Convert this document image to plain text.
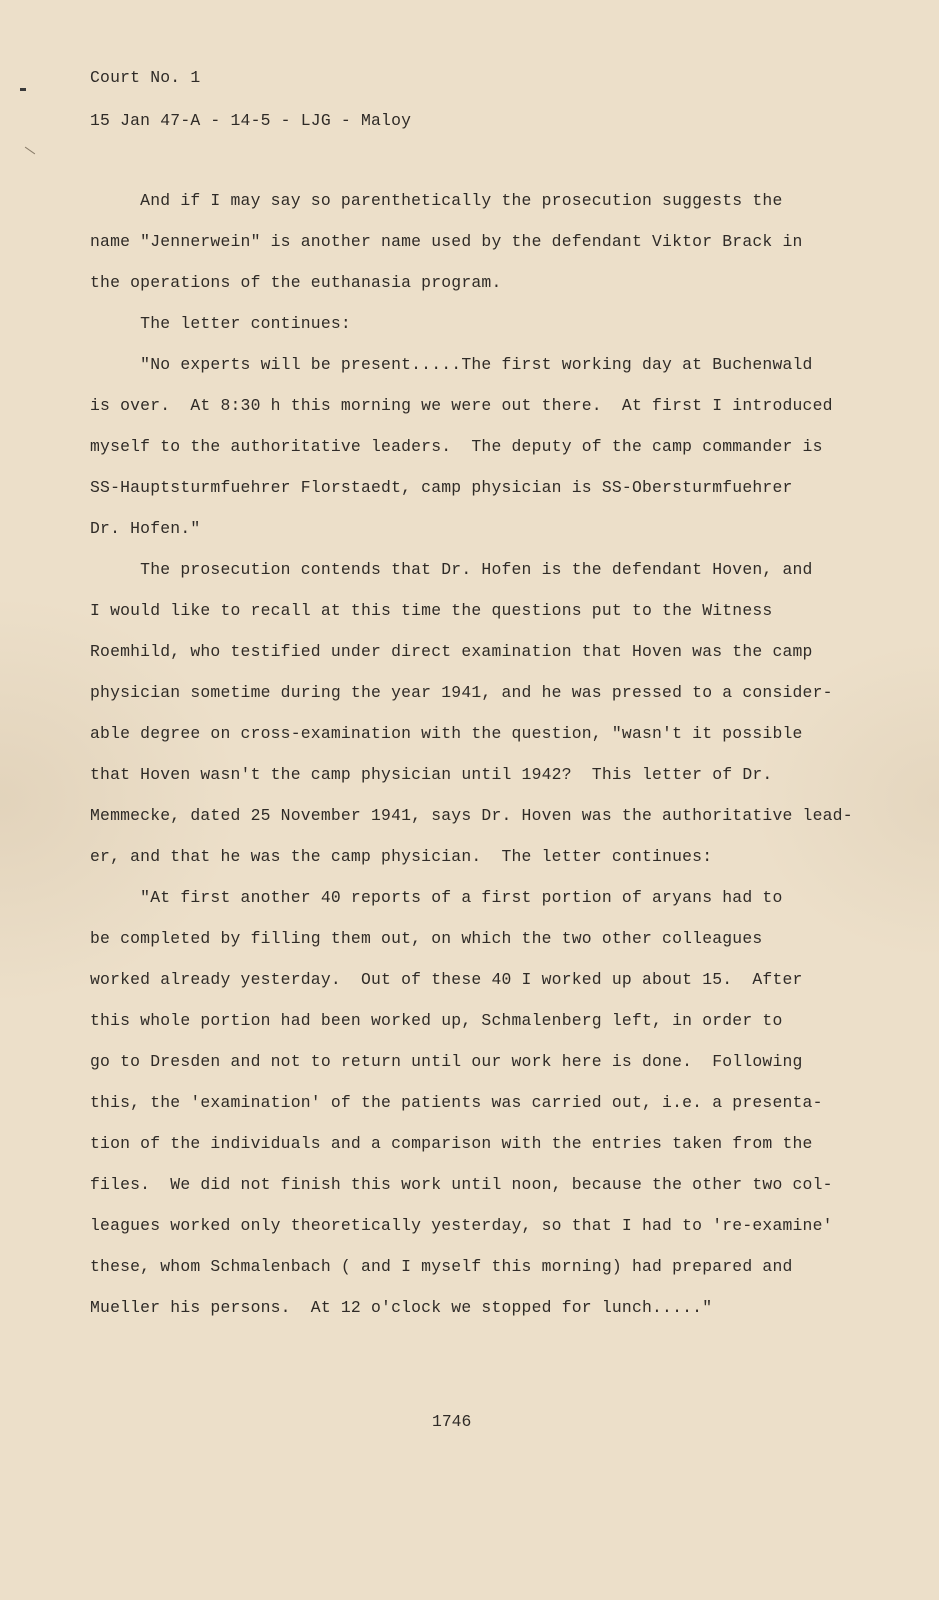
Court No. 1
15 Jan 47-A - 14-5 - LJG - Maloy
And if I may say so parenthetically the prosecution suggests the
name "Jennerwein" is another name used by the defendant Viktor Brack in
the operations of the euthanasia program.
The letter continues:
"No experts will be present.....The first working day at Buchenwald
is over.  At 8:30 h this morning we were out there.  At first I introduced
myself to the authoritative leaders.  The deputy of the camp commander is
SS-Hauptsturmfuehrer Florstaedt, camp physician is SS-Obersturmfuehrer
Dr. Hofen."
The prosecution contends that Dr. Hofen is the defendant Hoven, and
I would like to recall at this time the questions put to the Witness
Roemhild, who testified under direct examination that Hoven was the camp
physician sometime during the year 1941, and he was pressed to a consider-
able degree on cross-examination with the question, "wasn't it possible
that Hoven wasn't the camp physician until 1942?  This letter of Dr.
Memmecke, dated 25 November 1941, says Dr. Hoven was the authoritative lead-
er, and that he was the camp physician.  The letter continues:
"At first another 40 reports of a first portion of aryans had to
be completed by filling them out, on which the two other colleagues
worked already yesterday.  Out of these 40 I worked up about 15.  After
this whole portion had been worked up, Schmalenberg left, in order to
go to Dresden and not to return until our work here is done.  Following
this, the 'examination' of the patients was carried out, i.e. a presenta-
tion of the individuals and a comparison with the entries taken from the
files.  We did not finish this work until noon, because the other two col-
leagues worked only theoretically yesterday, so that I had to 're-examine'
these, whom Schmalenbach ( and I myself this morning) had prepared and
Mueller his persons.  At 12 o'clock we stopped for lunch....."
1746
